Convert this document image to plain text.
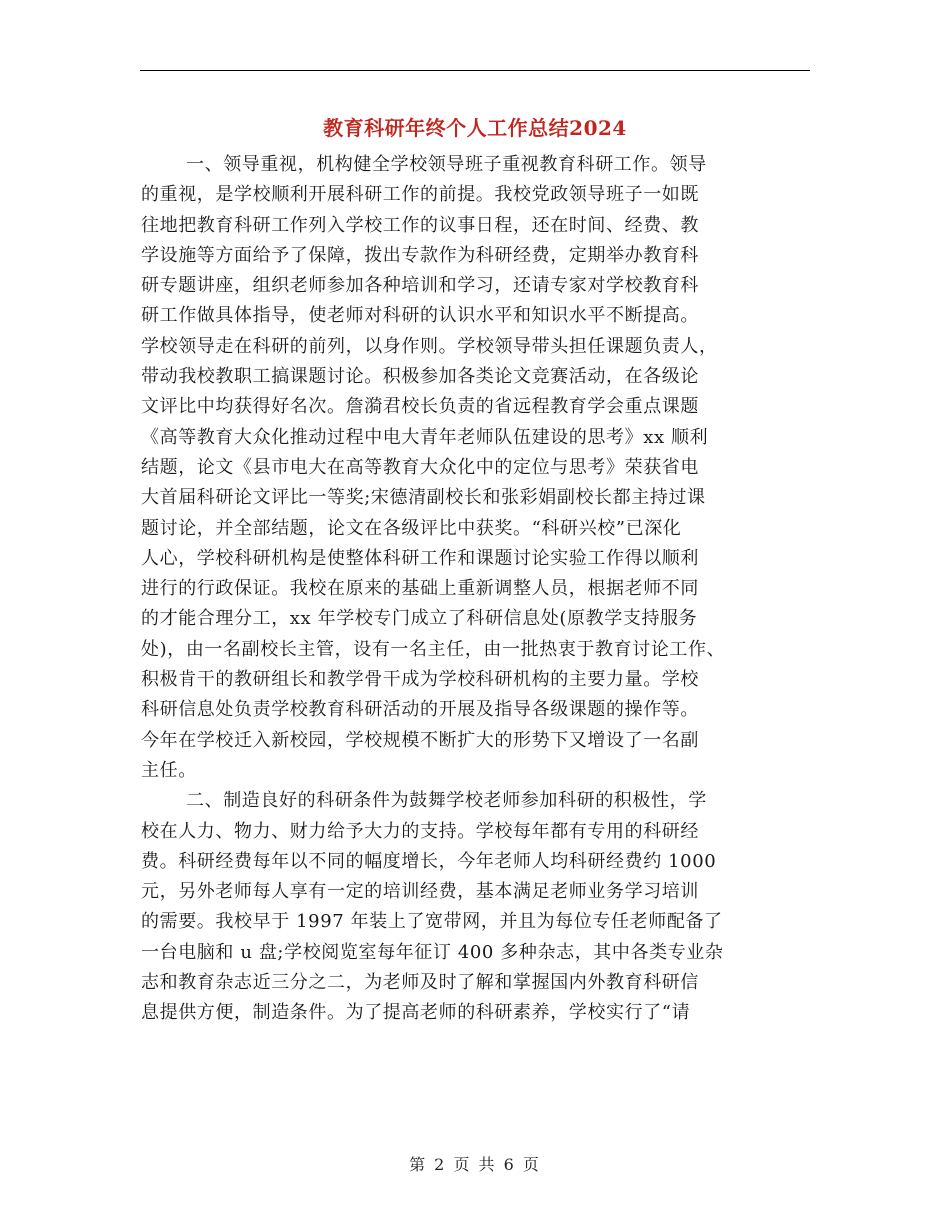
教育科研年终个人工作总结2024
一、领导重视，机构健全学校领导班子重视教育科研工作。领导
的重视，是学校顺利开展科研工作的前提。我校党政领导班子一如既
往地把教育科研工作列入学校工作的议事日程，还在时间、经费、教
学设施等方面给予了保障，拨出专款作为科研经费，定期举办教育科
研专题讲座，组织老师参加各种培训和学习，还请专家对学校教育科
研工作做具体指导，使老师对科研的认识水平和知识水平不断提高。
学校领导走在科研的前列，以身作则。学校领导带头担任课题负责人，
带动我校教职工搞课题讨论。积极参加各类论文竞赛活动，在各级论
文评比中均获得好名次。詹漪君校长负责的省远程教育学会重点课题
《高等教育大众化推动过程中电大青年老师队伍建设的思考》xx 顺利
结题，论文《县市电大在高等教育大众化中的定位与思考》荣获省电
大首届科研论文评比一等奖;宋德清副校长和张彩娟副校长都主持过课
题讨论，并全部结题，论文在各级评比中获奖。“科研兴校”已深化
人心，学校科研机构是使整体科研工作和课题讨论实验工作得以顺利
进行的行政保证。我校在原来的基础上重新调整人员，根据老师不同
的才能合理分工，xx 年学校专门成立了科研信息处(原教学支持服务
处)，由一名副校长主管，设有一名主任，由一批热衷于教育讨论工作、
积极肯干的教研组长和教学骨干成为学校科研机构的主要力量。学校
科研信息处负责学校教育科研活动的开展及指导各级课题的操作等。
今年在学校迁入新校园，学校规模不断扩大的形势下又增设了一名副
主任。
二、制造良好的科研条件为鼓舞学校老师参加科研的积极性，学
校在人力、物力、财力给予大力的支持。学校每年都有专用的科研经
费。科研经费每年以不同的幅度增长，今年老师人均科研经费约 1000
元，另外老师每人享有一定的培训经费，基本满足老师业务学习培训
的需要。我校早于 1997 年装上了宽带网，并且为每位专任老师配备了
一台电脑和 u 盘;学校阅览室每年征订 400 多种杂志，其中各类专业杂
志和教育杂志近三分之二，为老师及时了解和掌握国内外教育科研信
息提供方便，制造条件。为了提高老师的科研素养，学校实行了“请
第 2 页 共 6 页
